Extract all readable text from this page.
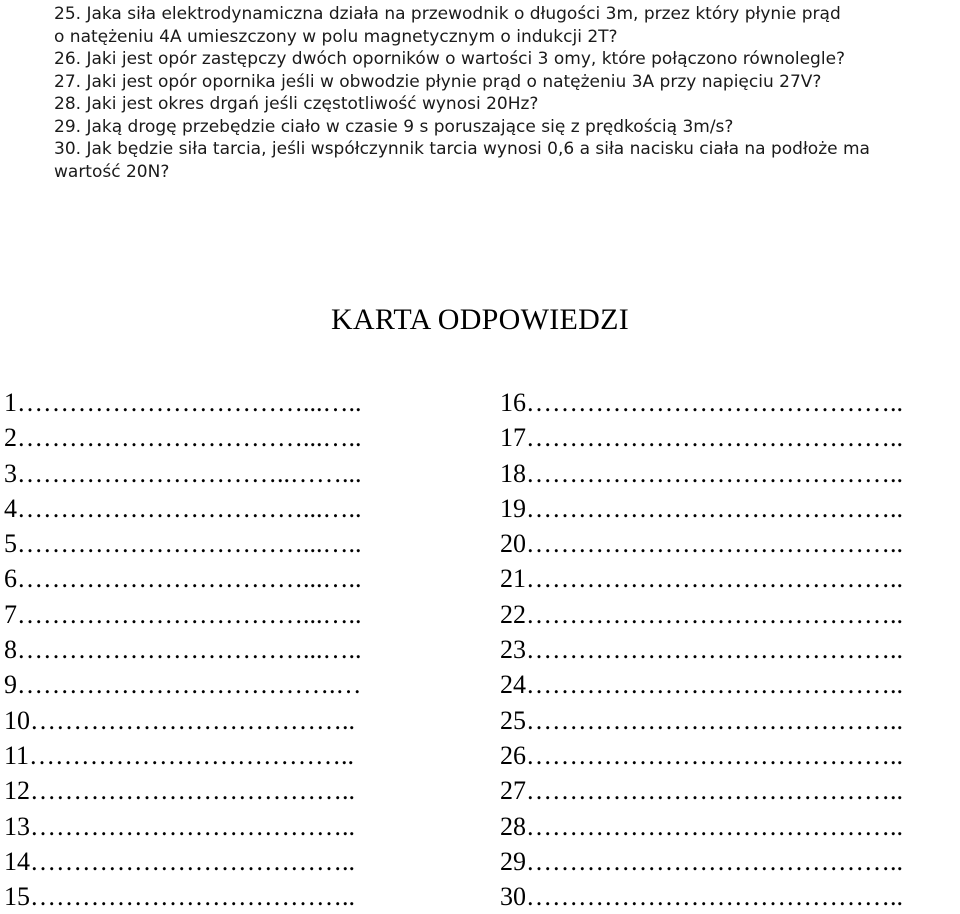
25. Jaka siła elektrodynamiczna działa na przewodnik o długości 3m, przez który płynie prąd
o natężeniu 4A umieszczony w polu magnetycznym o indukcji 2T?
26. Jaki jest opór zastępczy dwóch oporników o wartości 3 omy, które połączono równolegle?
27. Jaki jest opór opornika jeśli w obwodzie płynie prąd o natężeniu 3A przy napięciu 27V?
28. Jaki jest okres drgań jeśli częstotliwość wynosi 20Hz?
29. Jaką drogę przebędzie ciało w czasie 9 s poruszające się z prędkością 3m/s?
30. Jak będzie siła tarcia, jeśli współczynnik tarcia wynosi 0,6 a siła nacisku ciała na podłoże ma wartość 20N?
KARTA ODPOWIEDZI
1……………………………...…..
2……………………………...…..
3…………………………..……...
4……………………………...…..
5……………………………...…..
6……………………………...…..
7……………………………...…..
8……………………………...…..
9……………………………….…
10………………………………..
11………………………………..
12………………………………..
13………………………………..
14………………………………..
15………………………………..
16……………………………………..
17……………………………………..
18……………………………………..
19……………………………………..
20……………………………………..
21……………………………………..
22……………………………………..
23……………………………………..
24……………………………………..
25……………………………………..
26……………………………………..
27……………………………………..
28……………………………………..
29……………………………………..
30……………………………………..
